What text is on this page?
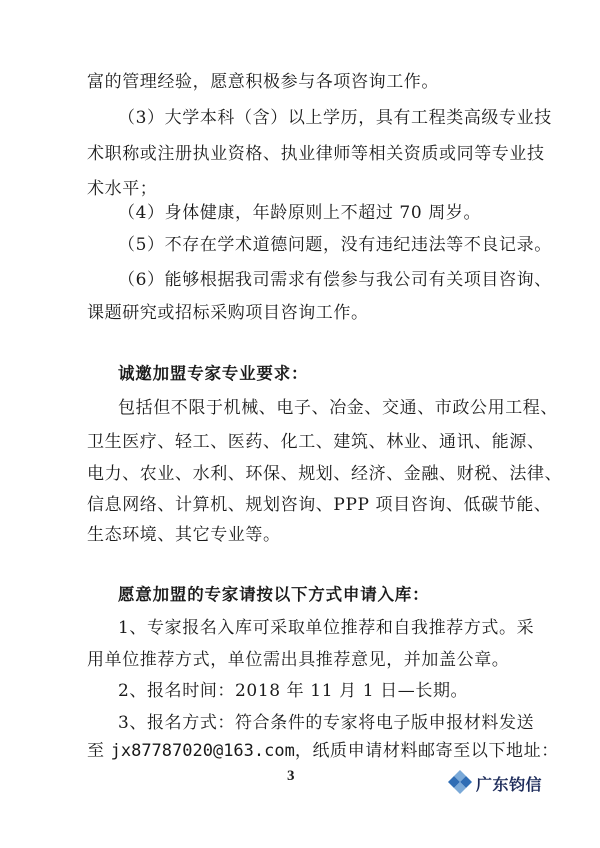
富的管理经验，愿意积极参与各项咨询工作。
（3）大学本科（含）以上学历，具有工程类高级专业技
术职称或注册执业资格、执业律师等相关资质或同等专业技
术水平；
（4）身体健康，年龄原则上不超过 70 周岁。
（5）不存在学术道德问题，没有违纪违法等不良记录。
（6）能够根据我司需求有偿参与我公司有关项目咨询、
课题研究或招标采购项目咨询工作。
诚邀加盟专家专业要求：
包括但不限于机械、电子、冶金、交通、市政公用工程、
卫生医疗、轻工、医药、化工、建筑、林业、通讯、能源、
电力、农业、水利、环保、规划、经济、金融、财税、法律、
信息网络、计算机、规划咨询、PPP 项目咨询、低碳节能、
生态环境、其它专业等。
愿意加盟的专家请按以下方式申请入库：
1、专家报名入库可采取单位推荐和自我推荐方式。采
用单位推荐方式，单位需出具推荐意见，并加盖公章。
2、报名时间：2018 年 11 月 1 日—长期。
3、报名方式：符合条件的专家将电子版申报材料发送
至 jx87787020@163.com，纸质申请材料邮寄至以下地址：
3	广东钧信
